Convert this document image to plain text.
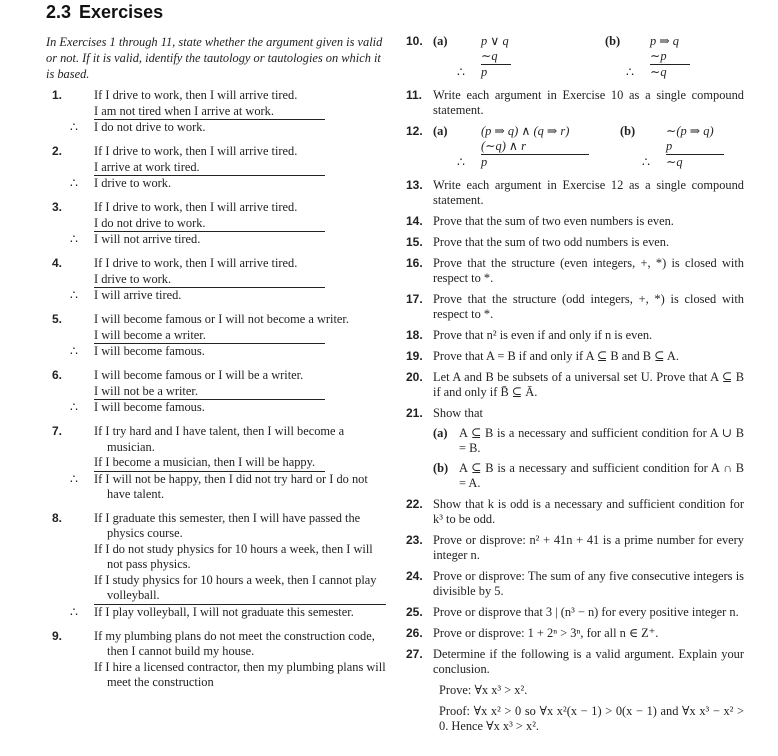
2.3 Exercises

In Exercises 1 through 11, state whether the argument given is valid or not. If it is valid, identify the tautology or tautologies on which it is based.

1.	If I drive to work, then I will arrive tired.
I am not tired when I arrive at work.
∴	I do not drive to work.
2.	If I drive to work, then I will arrive tired.
I arrive at work tired.
∴	I drive to work.
3.	If I drive to work, then I will arrive tired.
I do not drive to work.
∴	I will not arrive tired.
4.	If I drive to work, then I will arrive tired.
I drive to work.
∴	I will arrive tired.
5.	I will become famous or I will not become a writer.
I will become a writer.
∴	I will become famous.
6.	I will become famous or I will be a writer.
I will not be a writer.
∴	I will become famous.
7.	If I try hard and I have talent, then I will become a musician.
If I become a musician, then I will be happy.
∴	If I will not be happy, then I did not try hard or I do not have talent.
8.	If I graduate this semester, then I will have passed the physics course.
If I do not study physics for 10 hours a week, then I will not pass physics.
If I study physics for 10 hours a week, then I cannot play volleyball.
∴	If I play volleyball, I will not graduate this semester.
9.	If my plumbing plans do not meet the construction code, then I cannot build my house.
If I hire a licensed contractor, then my plumbing plans will meet the construction
10. (a)	p ∨ q
∼q
∴ p
(b) p ⇒ q
∼p
∴ ∼q
11. Write each argument in Exercise 10 as a single compound statement.
12. (a)	(p ⇒ q) ∧ (q ⇒ r)
(∼q) ∧ r
∴ p
(b) ∼(p ⇒ q)
p
∴ ∼q
13. Write each argument in Exercise 12 as a single compound statement.
14. Prove that the sum of two even numbers is even.
15. Prove that the sum of two odd numbers is even.
16. Prove that the structure (even integers, +, *) is closed with respect to *.
17. Prove that the structure (odd integers, +, *) is closed with respect to *.
18. Prove that n² is even if and only if n is even.
19. Prove that A = B if and only if A ⊆ B and B ⊆ A.
20. Let A and B be subsets of a universal set U. Prove that A ⊆ B if and only if B̄ ⊆ Ā.
21. Show that
(a) A ⊆ B is a necessary and sufficient condition for A ∪ B = B.
(b) A ⊆ B is a necessary and sufficient condition for A ∩ B = A.
22. Show that k is odd is a necessary and sufficient condition for k³ to be odd.
23. Prove or disprove: n² + 41n + 41 is a prime number for every integer n.
24. Prove or disprove: The sum of any five consecutive integers is divisible by 5.
25. Prove or disprove that 3 | (n³ − n) for every positive integer n.
26. Prove or disprove: 1 + 2ⁿ > 3ⁿ, for all n ∈ Z⁺.
27. Determine if the following is a valid argument. Explain your conclusion.
Prove: ∀x x³ > x².
Proof: ∀x x² > 0 so ∀x x²(x − 1) > 0(x − 1) and ∀x x³ − x² > 0. Hence ∀x x³ > x².
